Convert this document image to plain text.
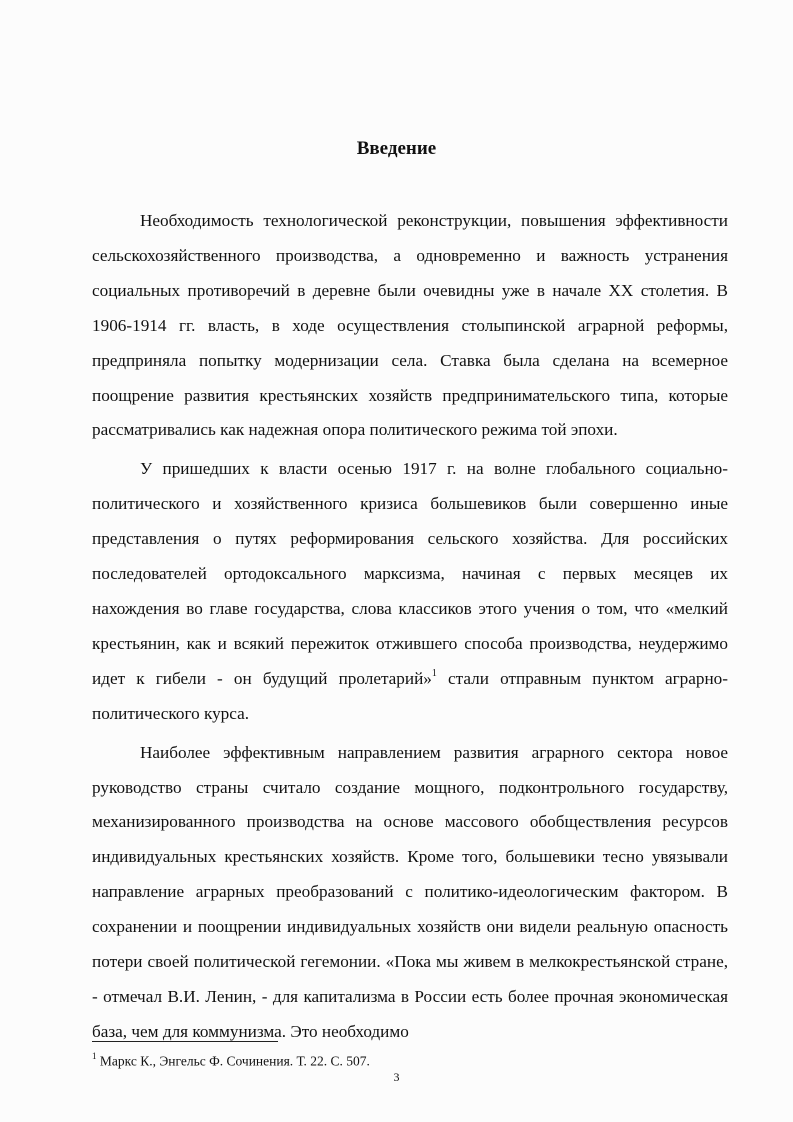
Введение

Необходимость технологической реконструкции, повышения эффективности сельскохозяйственного производства, а одновременно и важность устранения социальных противоречий в деревне были очевидны уже в начале XX столетия. В 1906-1914 гг. власть, в ходе осуществления столыпинской аграрной реформы, предприняла попытку модернизации села. Ставка была сделана на всемерное поощрение развития крестьянских хозяйств предпринимательского типа, которые рассматривались как надежная опора политического режима той эпохи.

У пришедших к власти осенью 1917 г. на волне глобального социально-политического и хозяйственного кризиса большевиков были совершенно иные представления о путях реформирования сельского хозяйства. Для российских последователей ортодоксального марксизма, начиная с первых месяцев их нахождения во главе государства, слова классиков этого учения о том, что «мелкий крестьянин, как и всякий пережиток отжившего способа производства, неудержимо идет к гибели - он будущий пролетарий»$^1$ стали отправным пунктом аграрно-политического курса.

Наиболее эффективным направлением развития аграрного сектора новое руководство страны считало создание мощного, подконтрольного государству, механизированного производства на основе массового обобществления ресурсов индивидуальных крестьянских хозяйств. Кроме того, большевики тесно увязывали направление аграрных преобразований с политико-идеологическим фактором. В сохранении и поощрении индивидуальных хозяйств они видели реальную опасность потери своей политической гегемонии. «Пока мы живем в мелкокрестьянской стране, - отмечал В.И. Ленин, - для капитализма в России есть более прочная экономическая база, чем для коммунизма. Это необходимо

$^1$ Маркс К., Энгельс Ф. Сочинения. Т. 22. С. 507.
3
